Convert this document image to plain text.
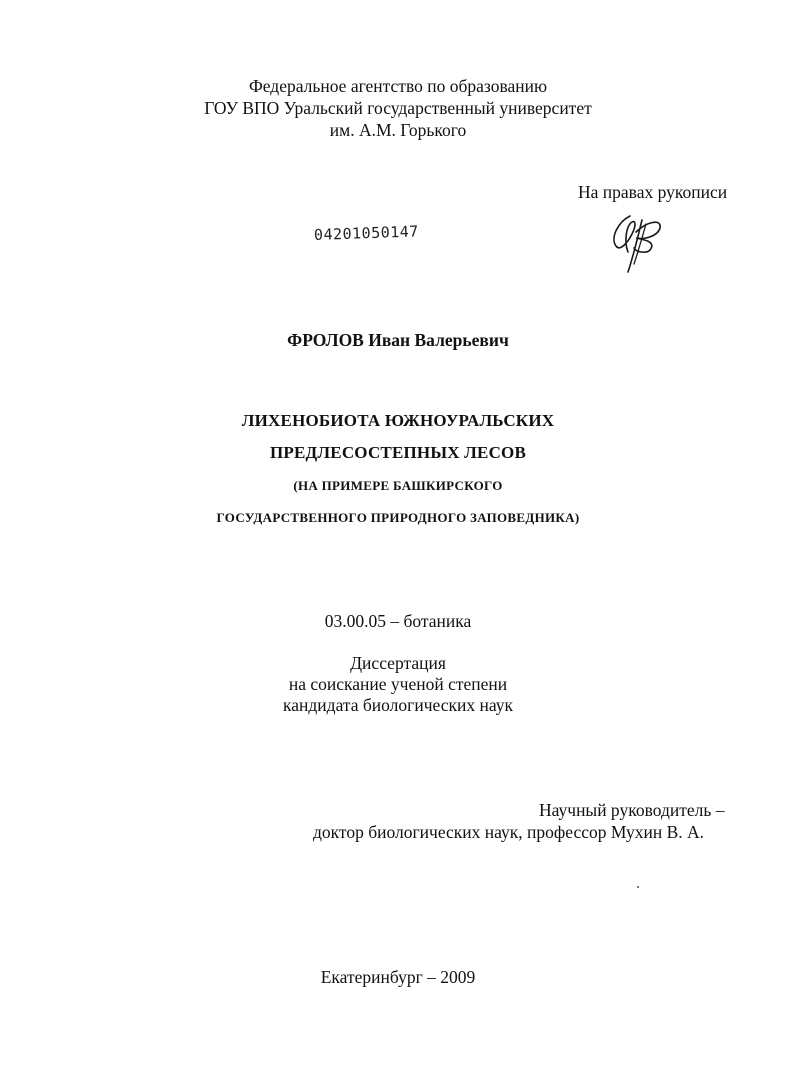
Федеральное агентство по образованию
ГОУ ВПО Уральский государственный университет
им. А.М. Горького
На правах рукописи
04201050147
ФРОЛОВ Иван Валерьевич
ЛИХЕНОБИОТА ЮЖНОУРАЛЬСКИХ
ПРЕДЛЕСОСТЕПНЫХ ЛЕСОВ
(НА ПРИМЕРЕ БАШКИРСКОГО
ГОСУДАРСТВЕННОГО ПРИРОДНОГО ЗАПОВЕДНИКА)
03.00.05 – ботаника
Диссертация
на соискание ученой степени
кандидата биологических наук
Научный руководитель –
доктор биологических наук, профессор Мухин В. А.
Екатеринбург – 2009
